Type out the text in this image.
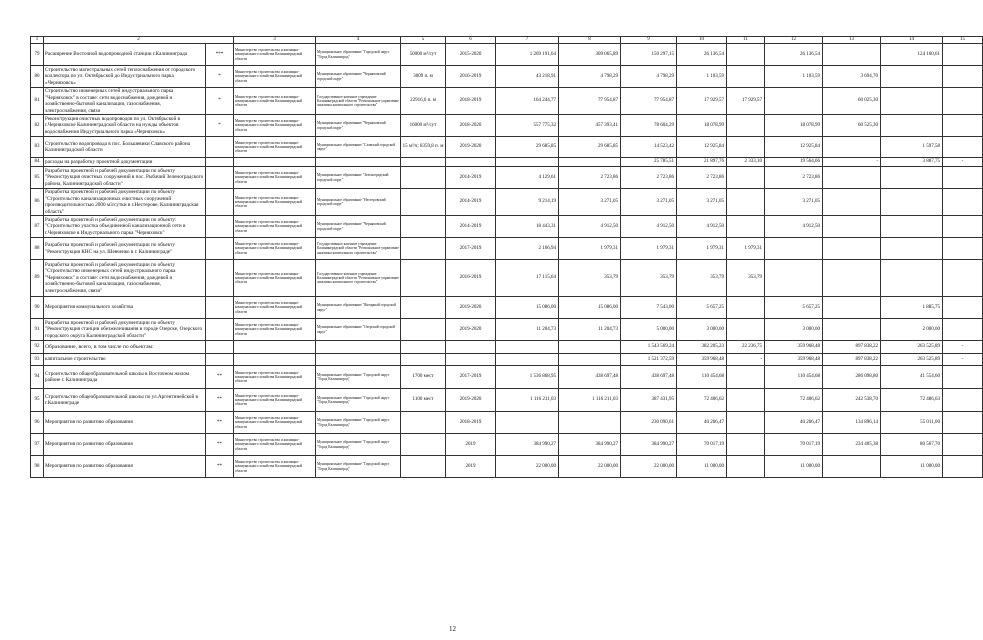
1	2		3	4	5	6	7	8	9	10	11	12	13	14	15
79	Расширение Восточной водопроводной станции г.Калининграда	***	Министерство строительства и жилищно-коммунального хозяйства Калининградской области	Муниципальное образование "Городской округ "Город Калининград"	50000 м³/сут	2015-2020	1 269 191,64	309 065,89	150 297,15	26 136,54		26 136,54		124 160,61	
80	Строительство магистральных сетей теплоснабжения от городского коллектора по ул. Октябрьской до Индустриального парка «Черняховск»	*	Министерство строительства и жилищно-коммунального хозяйства Калининградской области	Муниципальное образование "Черняховский городской округ"	3009 п. м	2016-2019	43 218,91	4 798,29	4 798,29	1 103,59		1 103,59	3 694,70		
81	Строительство инженерных сетей индустриального парка "Черняховск" в составе: сети водоснабжения, дождевой и хозяйственно-бытовой канализации, газоснабжения, электроснабжения, связи	*	Министерство строительства и жилищно-коммунального хозяйства Калининградской области	Государственное казенное учреждение Калининградской области "Региональное управление заказчика капитального строительства"	22916,6 п. м	2018-2019	164 244,77	77 954,87	77 954,87	17 929,57	17 929,57		60 025,30		
82	Реконструкция очистных водопроводов по ул. Октябрьской в г.Черняховске Калининградской области на нужды объектов водоснабжения Индустриального парка «Черняховск»	*	Министерство строительства и жилищно-коммунального хозяйства Калининградской области	Муниципальное образование "Черняховский городской округ"	16000 м³/сут	2018-2020	557 775,32	457 393,41	78 604,29	18 078,99		18 078,99	60 525,30		
83	Строительство водопровода в пос. Большевики Славского района Калининградской области		Министерство строительства и жилищно-коммунального хозяйства Калининградской области	Муниципальное образование "Славский городской округ"	15 м³/ч; 8359,8 п. м	2019-2020	29 685,85	29 685,85	14 523,42	12 925,84		12 925,84		1 597,58	
84	расходы на разработку проектной документации								25 785,51	21 897,76	2 333,10	19 564,66	-	3 887,75	-
85	Разработка проектной и рабочей документации по объекту "Реконструкция очистных сооружений в пос. Рыбачий Зеленоградского района, Калининградской области"		Министерство строительства и жилищно-коммунального хозяйства Калининградской области	Муниципальное образование "Зеленоградский городской округ"		2014-2019	4 129,61	2 723,86	2 723,86	2 723,86		2 723,86			
86	Разработка проектной и рабочей документации по объекту "Строительство канализационных очистных сооружений производительностью 2000 м3/сутки в г.Нестерове, Калининградская область"		Министерство строительства и жилищно-коммунального хозяйства Калининградской области	Муниципальное образование "Нестеровский городской округ"		2014-2019	9 214,19	3 271,05	3 271,05	3 271,05		3 271,05			
87	Разработка проектной и рабочей документации по объекту: "Строительство участка объединенной канализационной сети в г.Черняховске в Индустриального парка "Черняховск"		Министерство строительства и жилищно-коммунального хозяйства Калининградской области	Муниципальное образование "Черняховский городской округ"		2014-2019	18 443,31	4 912,50	4 912,50	4 912,50		4 912,50			
88	Разработка проектной и рабочей документации по объекту "Реконструкция КНС на ул. Шевченко в г. Калининграде"		Министерство строительства и жилищно-коммунального хозяйства Калининградской области	Государственное казенное учреждение Калининградской области "Региональное управление заказчика капитального строительства"		2017-2019	2 166,94	1 979,31	1 979,31	1 979,31	1 979,31				
89	Разработка проектной и рабочей документации по объекту "Строительство инженерных сетей индустриального парка "Черняховск" в составе: сети водоснабжения, дождевой и хозяйственно-бытовой канализации, газоснабжения, электроснабжения, связи"		Министерство строительства и жилищно-коммунального хозяйства Калининградской области	Государственное казенное учреждение Калининградской области "Региональное управление заказчика капитального строительства"		2016-2019	17 115,64	353,79	353,79	353,79	353,79				
90	Мероприятия коммунального хозяйства		Министерство строительства и жилищно-коммунального хозяйства Калининградской области	Муниципальное образование "Янтарный городской округ"		2019-2020	15 086,00	15 086,00	7 543,00	5 657,25		5 657,25		1 885,75	
91	Разработка проектной и рабочей документации по объекту "Реконструкция станции обезжелезивания в городе Озерске, Озерского городского округа Калининградской области"		Министерство строительства и жилищно-коммунального хозяйства Калининградской области	Муниципальное образование "Озерский городской округ"		2019-2020	11 204,73	11 204,73	5 000,00	3 000,00		3 000,00		2 000,00	
92	Образование, всего, в том числе по объектам:								1 543 569,24	382 205,23	22 236,75	359 968,48	897 838,22	263 525,89	-
93	капитальное строительство								1 521 372,59	359 968,48	-	359 968,48	897 838,22	263 525,89	-
94	Строительство общеобразовательной школы в Восточном жилом районе г. Калининграда	**	Министерство строительства и жилищно-коммунального хозяйства Калининградской области	Муниципальное образование "Городской округ "Город Калининград"	1700 мест	2017-2019	1 536 868,95	438 697,48	438 697,48	110 454,68		110 454,68	286 098,80	41 554,60	
95	Строительство общеобразовательной школы по ул.Аргентинейской в г.Калининграде	**	Министерство строительства и жилищно-коммунального хозяйства Калининградской области	Муниципальное образование "Городской округ "Город Калининград"	1100 мест	2019-2020	1 116 211,03	1 116 211,03	387 431,95	72 406,62		72 406,62	242 538,70	72 486,63	
96	Мероприятия по развитию образования	**	Министерство строительства и жилищно-коммунального хозяйства Калининградской области	Муниципальное образование "Городской округ "Город Калининград"		2018-2019			230 090,61	40 266,47		40 266,47	134 896,14	55 011,00	
97	Мероприятия по развитию образования	**	Министерство строительства и жилищно-коммунального хозяйства Калининградской области	Муниципальное образование "Городской округ "Город Калининград"		2019	384 990,27	384 990,27	384 990,27	70 017,19		70 017,19	234 405,38	80 567,70	
98	Мероприятия по развитию образования	**	Министерство строительства и жилищно-коммунального хозяйства Калининградской области	Муниципальное образование "Городской округ "Город Калининград"		2019	22 000,00	22 000,00	22 000,00	11 000,00		11 000,00		11 000,00	
12
